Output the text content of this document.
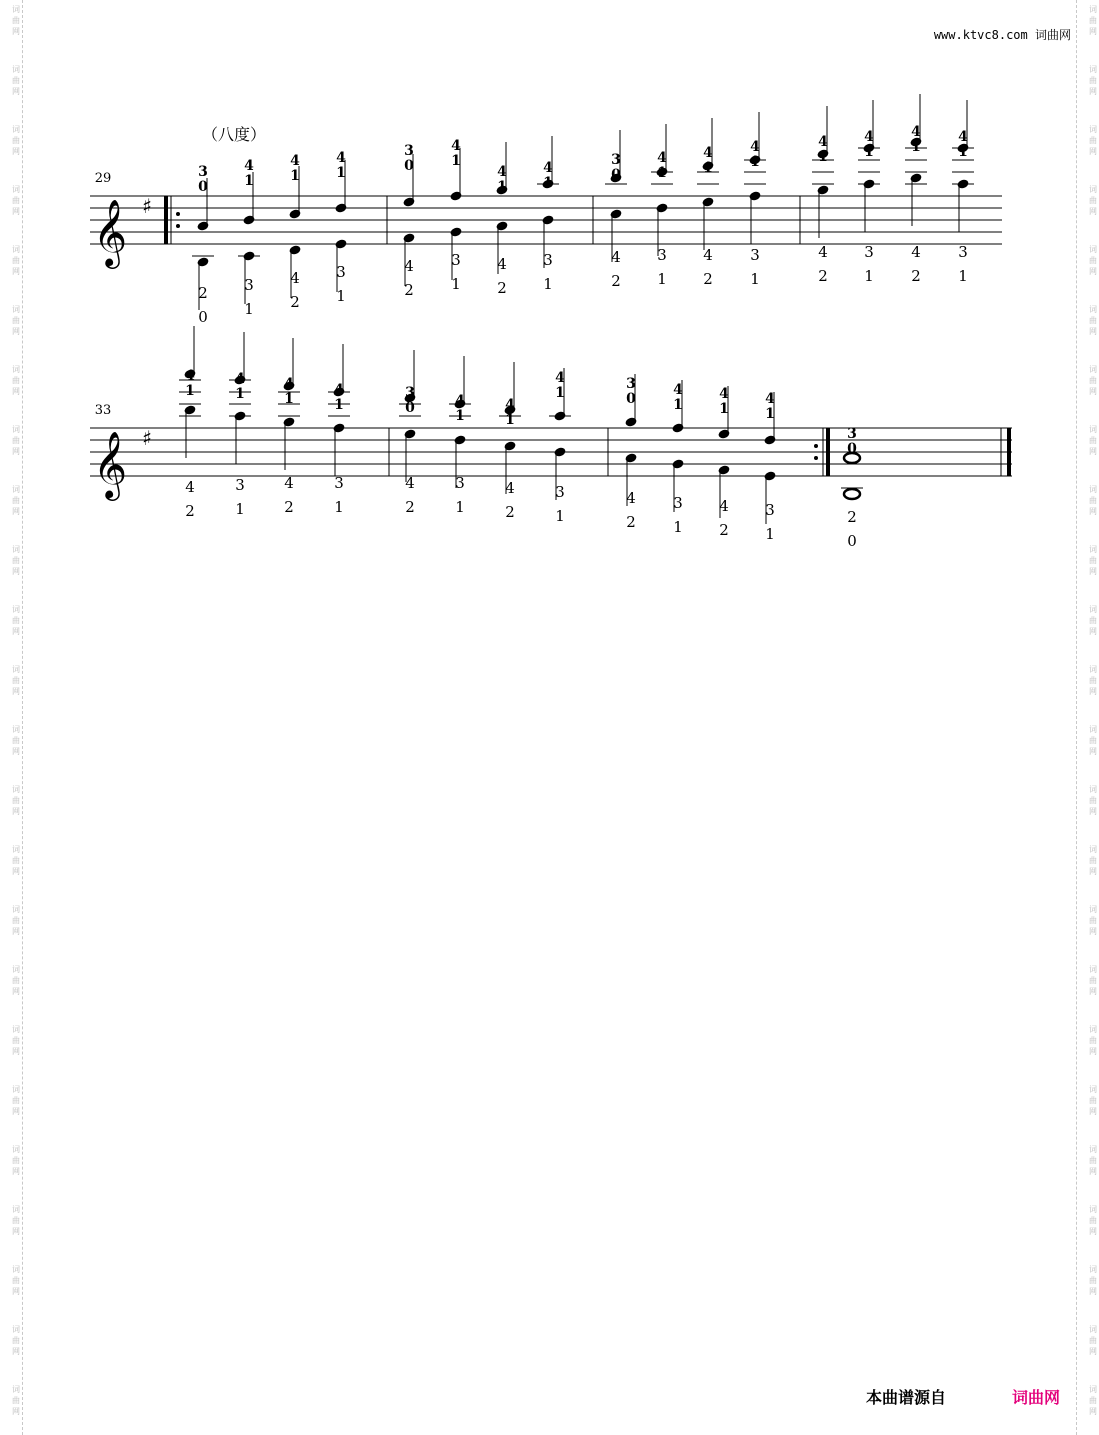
www.ktvc8.com 词曲网
（八度）
𝄞 ♯
29	3
0
2
0
4
1
3
1
4
1
4
2
4
1
3
1
3
0
4
2
4
1
3
1
4
1
4
2
4
1
3
1
3
0
4
2
4
1
3
1
4
1
4
2
4
1
3
1
4
1
4
2
4
1
3
1
4
1
4
2
4
1
3
1
𝄞 ♯
33
4
1
4
2
4
1
3
1
4
1
4
2
4
1
3
1
3
0
4
2
4
1
3
1
4
1
4
2
4
1
3
1
3
0
4
2
4
1
3
1
4
1
4
2
4
1
3
1
3
0
2
0
本曲谱源自	词曲网
词
曲
网
词
曲
网
词
曲
网
词
曲
网
词
曲
网
词
曲
网
词
曲
网
词
曲
网
词
曲
网
词
曲
网
词
曲
网
词
曲
网
词
曲
网
词
曲
网
词
曲
网
词
曲
网
词
曲
网
词
曲
网
词
曲
网
词
曲
网
词
曲
网
词
曲
网
词
曲
网
词
曲
网
词
曲
网
词
曲
网
词
曲
网
词
曲
网
词
曲
网
词
曲
网
词
曲
网
词
曲
网
词
曲
网
词
曲
网
词
曲
网
词
曲
网
词
曲
网
词
曲
网
词
曲
网
词
曲
网
词
曲
网
词
曲
网
词
曲
网
词
曲
网
词
曲
网
词
曲
网
词
曲
网
词
曲
网
